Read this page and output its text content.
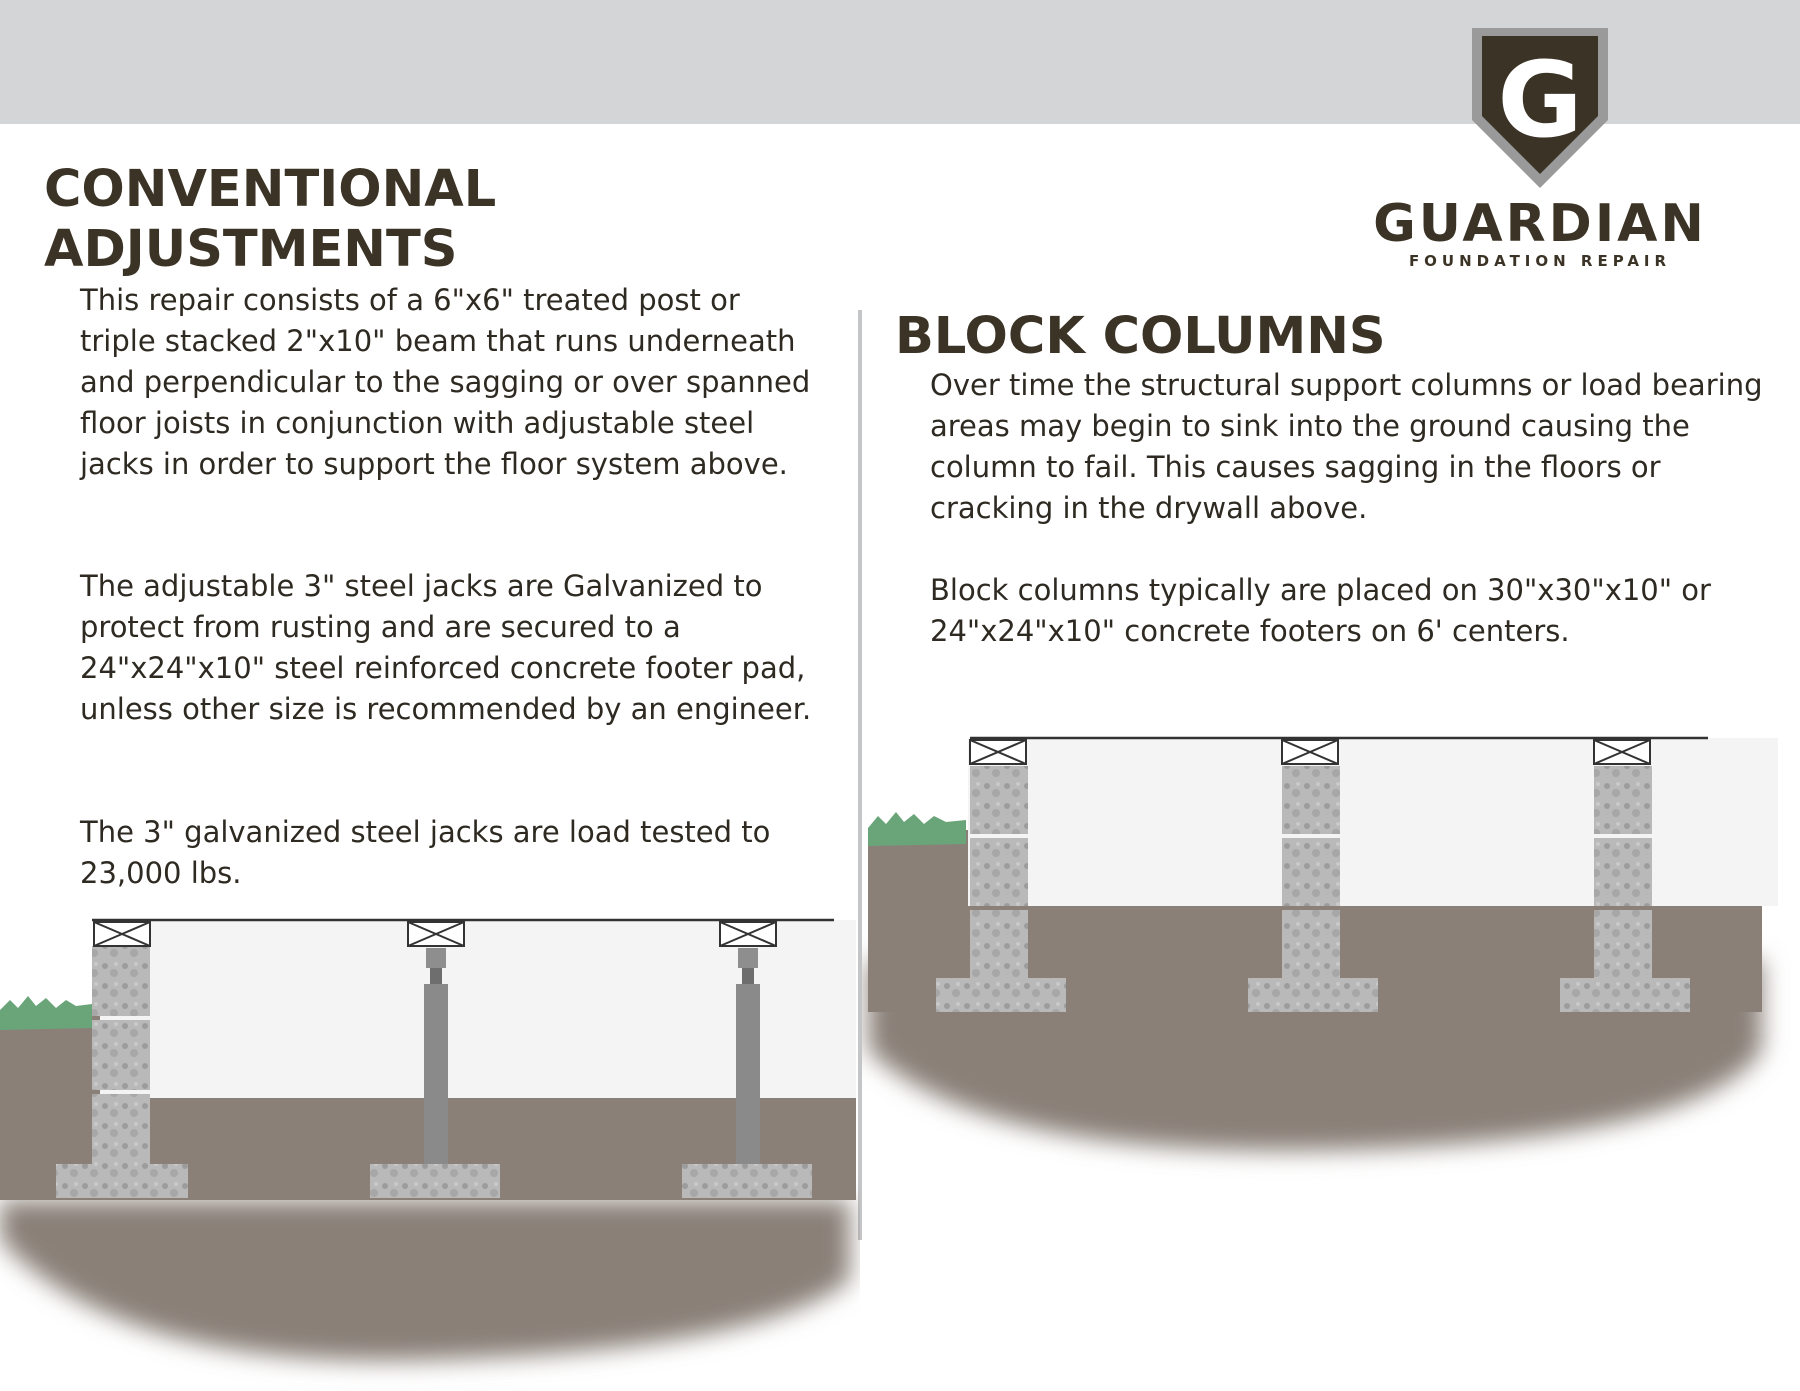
G
GUARDIAN
FOUNDATION REPAIR
CONVENTIONAL
ADJUSTMENTS

This repair consists of a 6"x6" treated post or triple stacked 2"x10" beam that runs underneath and perpendicular to the sagging or over spanned floor joists in conjunction with adjustable steel jacks in order to support the floor system above.

The adjustable 3" steel jacks are Galvanized to protect from rusting and are secured to a 24"x24"x10" steel reinforced concrete footer pad, unless other size is recommended by an engineer.

The 3" galvanized steel jacks are load tested to 23,000 lbs.

BLOCK COLUMNS

Over time the structural support columns or load bearing areas may begin to sink into the ground causing the column to fail. This causes sagging in the floors or cracking in the drywall above.

Block columns typically are placed on 30"x30"x10" or 24"x24"x10" concrete footers on 6' centers.
